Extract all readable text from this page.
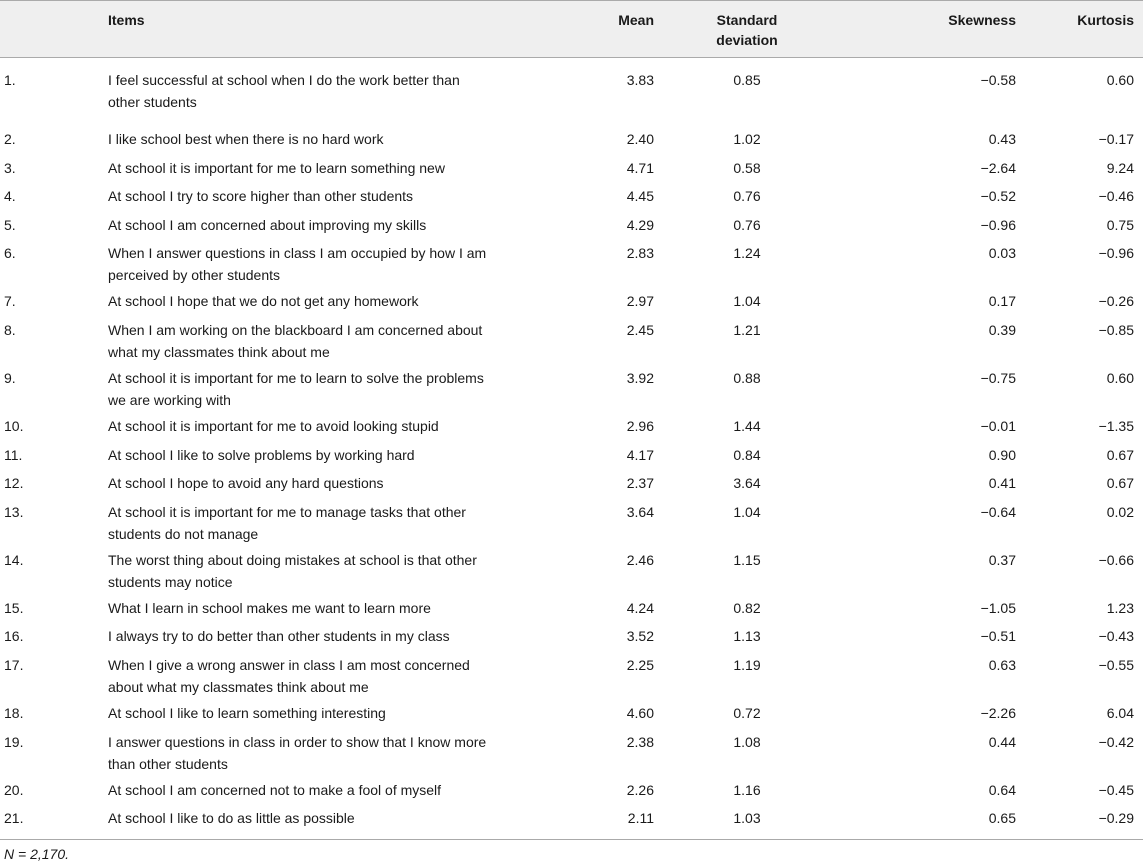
	Items	Mean	Standard
deviation	Skewness	Kurtosis
1.	I feel successful at school when I do the work better than
other students	3.83	0.85	−0.58	0.60
2.	I like school best when there is no hard work	2.40	1.02	0.43	−0.17
3.	At school it is important for me to learn something new	4.71	0.58	−2.64	9.24
4.	At school I try to score higher than other students	4.45	0.76	−0.52	−0.46
5.	At school I am concerned about improving my skills	4.29	0.76	−0.96	0.75
6.	When I answer questions in class I am occupied by how I am
perceived by other students	2.83	1.24	0.03	−0.96
7.	At school I hope that we do not get any homework	2.97	1.04	0.17	−0.26
8.	When I am working on the blackboard I am concerned about
what my classmates think about me	2.45	1.21	0.39	−0.85
9.	At school it is important for me to learn to solve the problems
we are working with	3.92	0.88	−0.75	0.60
10.	At school it is important for me to avoid looking stupid	2.96	1.44	−0.01	−1.35
11.	At school I like to solve problems by working hard	4.17	0.84	0.90	0.67
12.	At school I hope to avoid any hard questions	2.37	3.64	0.41	0.67
13.	At school it is important for me to manage tasks that other
students do not manage	3.64	1.04	−0.64	0.02
14.	The worst thing about doing mistakes at school is that other
students may notice	2.46	1.15	0.37	−0.66
15.	What I learn in school makes me want to learn more	4.24	0.82	−1.05	1.23
16.	I always try to do better than other students in my class	3.52	1.13	−0.51	−0.43
17.	When I give a wrong answer in class I am most concerned
about what my classmates think about me	2.25	1.19	0.63	−0.55
18.	At school I like to learn something interesting	4.60	0.72	−2.26	6.04
19.	I answer questions in class in order to show that I know more
than other students	2.38	1.08	0.44	−0.42
20.	At school I am concerned not to make a fool of myself	2.26	1.16	0.64	−0.45
21.	At school I like to do as little as possible	2.11	1.03	0.65	−0.29
N = 2,170.
